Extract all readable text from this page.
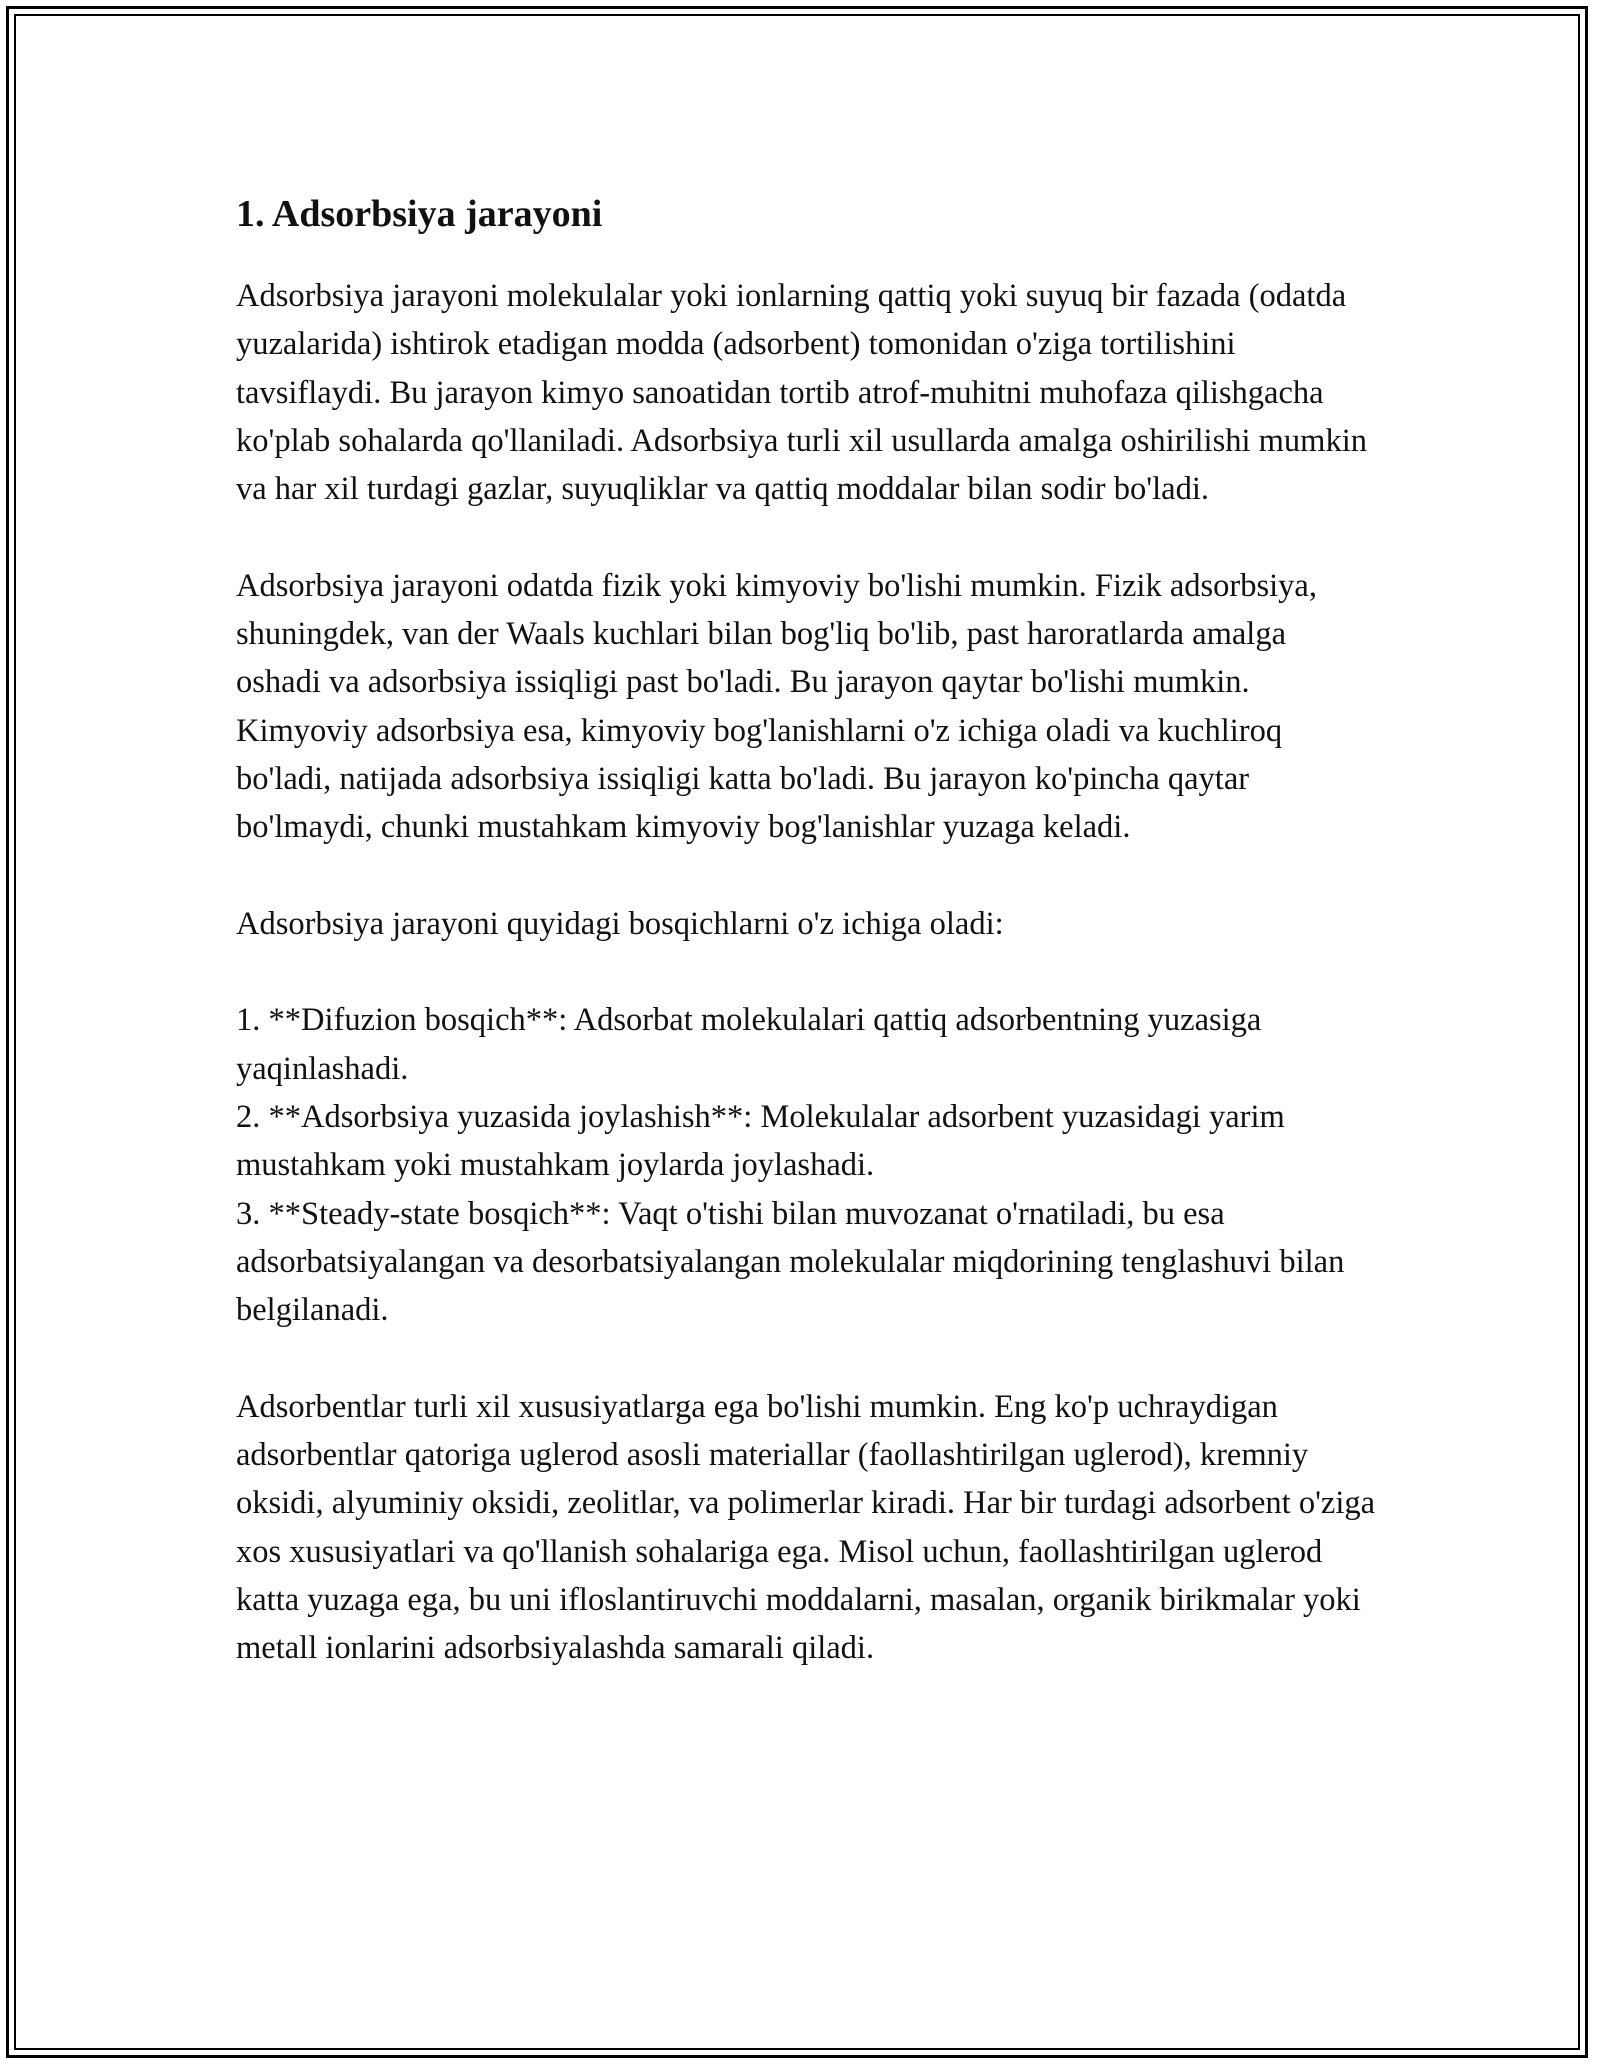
1. Adsorbsiya jarayoni

Adsorbsiya jarayoni molekulalar yoki ionlarning qattiq yoki suyuq bir fazada (odatda yuzalarida) ishtirok etadigan modda (adsorbent) tomonidan o'ziga tortilishini tavsiflaydi. Bu jarayon kimyo sanoatidan tortib atrof-muhitni muhofaza qilishgacha ko'plab sohalarda qo'llaniladi. Adsorbsiya turli xil usullarda amalga oshirilishi mumkin va har xil turdagi gazlar, suyuqliklar va qattiq moddalar bilan sodir bo'ladi.

Adsorbsiya jarayoni odatda fizik yoki kimyoviy bo'lishi mumkin. Fizik adsorbsiya, shuningdek, van der Waals kuchlari bilan bog'liq bo'lib, past haroratlarda amalga oshadi va adsorbsiya issiqligi past bo'ladi. Bu jarayon qaytar bo'lishi mumkin. Kimyoviy adsorbsiya esa, kimyoviy bog'lanishlarni o'z ichiga oladi va kuchliroq bo'ladi, natijada adsorbsiya issiqligi katta bo'ladi. Bu jarayon ko'pincha qaytar bo'lmaydi, chunki mustahkam kimyoviy bog'lanishlar yuzaga keladi.

Adsorbsiya jarayoni quyidagi bosqichlarni o'z ichiga oladi:

1. **Difuzion bosqich**: Adsorbat molekulalari qattiq adsorbentning yuzasiga yaqinlashadi.

2. **Adsorbsiya yuzasida joylashish**: Molekulalar adsorbent yuzasidagi yarim mustahkam yoki mustahkam joylarda joylashadi.

3. **Steady-state bosqich**: Vaqt o'tishi bilan muvozanat o'rnatiladi, bu esa adsorbatsiyalangan va desorbatsiyalangan molekulalar miqdorining tenglashuvi bilan belgilanadi.

Adsorbentlar turli xil xususiyatlarga ega bo'lishi mumkin. Eng ko'p uchraydigan adsorbentlar qatoriga uglerod asosli materiallar (faollashtirilgan uglerod), kremniy oksidi, alyuminiy oksidi, zeolitlar, va polimerlar kiradi. Har bir turdagi adsorbent o'ziga xos xususiyatlari va qo'llanish sohalariga ega. Misol uchun, faollashtirilgan uglerod katta yuzaga ega, bu uni ifloslantiruvchi moddalarni, masalan, organik birikmalar yoki metall ionlarini adsorbsiyalashda samarali qiladi.
